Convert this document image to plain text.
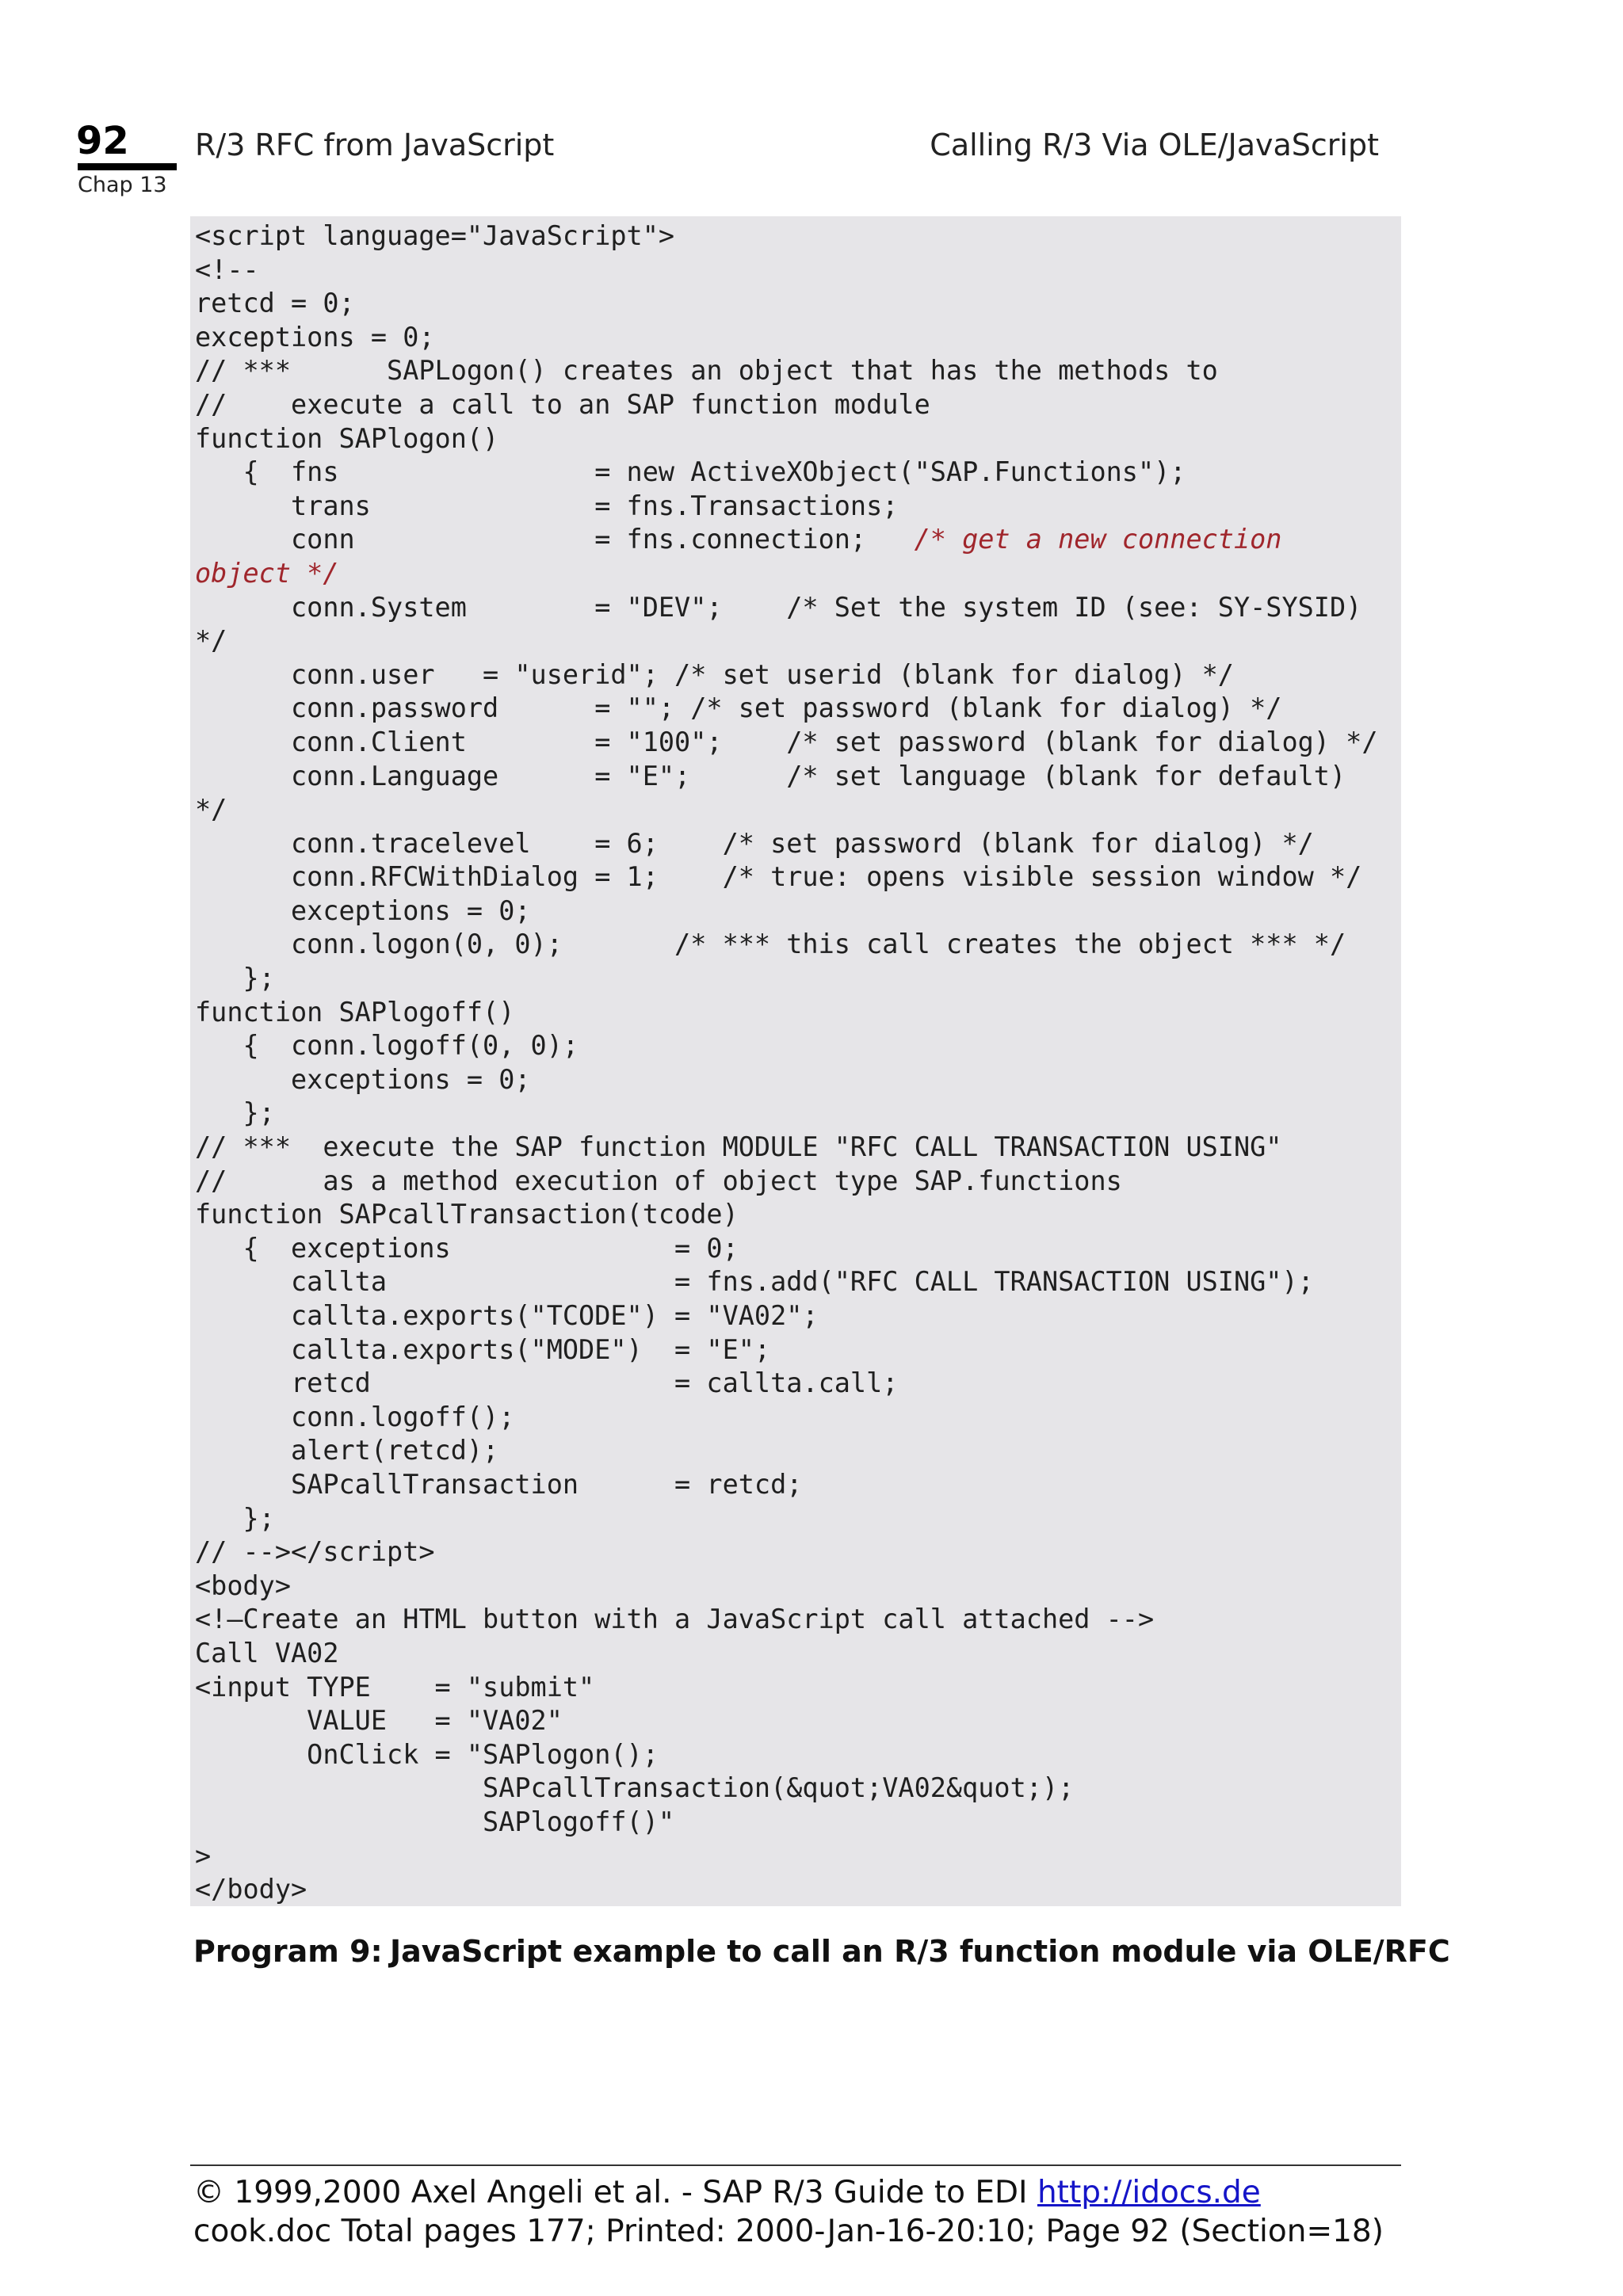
92
Chap 13
R/3 RFC from JavaScript	Calling R/3 Via OLE/JavaScript
<script language="JavaScript">
<!--
retcd = 0;
exceptions = 0;
// ***      SAPLogon() creates an object that has the methods to
//    execute a call to an SAP function module
function SAPlogon()
{  fns                = new ActiveXObject("SAP.Functions");
trans              = fns.Transactions;
conn               = fns.connection;   /* get a new connection
object */
conn.System        = "DEV";    /* Set the system ID (see: SY-SYSID)
*/
conn.user   = "userid"; /* set userid (blank for dialog) */
conn.password      = ""; /* set password (blank for dialog) */
conn.Client        = "100";    /* set password (blank for dialog) */
conn.Language      = "E";      /* set language (blank for default)
*/
conn.tracelevel    = 6;    /* set password (blank for dialog) */
conn.RFCWithDialog = 1;    /* true: opens visible session window */
exceptions = 0;
conn.logon(0, 0);       /* *** this call creates the object *** */
};
function SAPlogoff()
{  conn.logoff(0, 0);
exceptions = 0;
};
// ***  execute the SAP function MODULE "RFC CALL TRANSACTION USING"
//      as a method execution of object type SAP.functions
function SAPcallTransaction(tcode)
{  exceptions              = 0;
callta                  = fns.add("RFC CALL TRANSACTION USING");
callta.exports("TCODE") = "VA02";
callta.exports("MODE")  = "E";
retcd                   = callta.call;
conn.logoff();
alert(retcd);
SAPcallTransaction      = retcd;
};
// --></script>
<body>
<!—Create an HTML button with a JavaScript call attached -->
Call VA02
<input TYPE    = "submit"
VALUE   = "VA02"
OnClick = "SAPlogon();
SAPcallTransaction(&quot;VA02&quot;);
SAPlogoff()"
>
</body>
Program 9: JavaScript example to call an R/3 function module via OLE/RFC
© 1999,2000 Axel Angeli et al. - SAP R/3 Guide to EDI http://idocs.de
cook.doc Total pages 177; Printed: 2000-Jan-16-20:10; Page 92 (Section=18)
